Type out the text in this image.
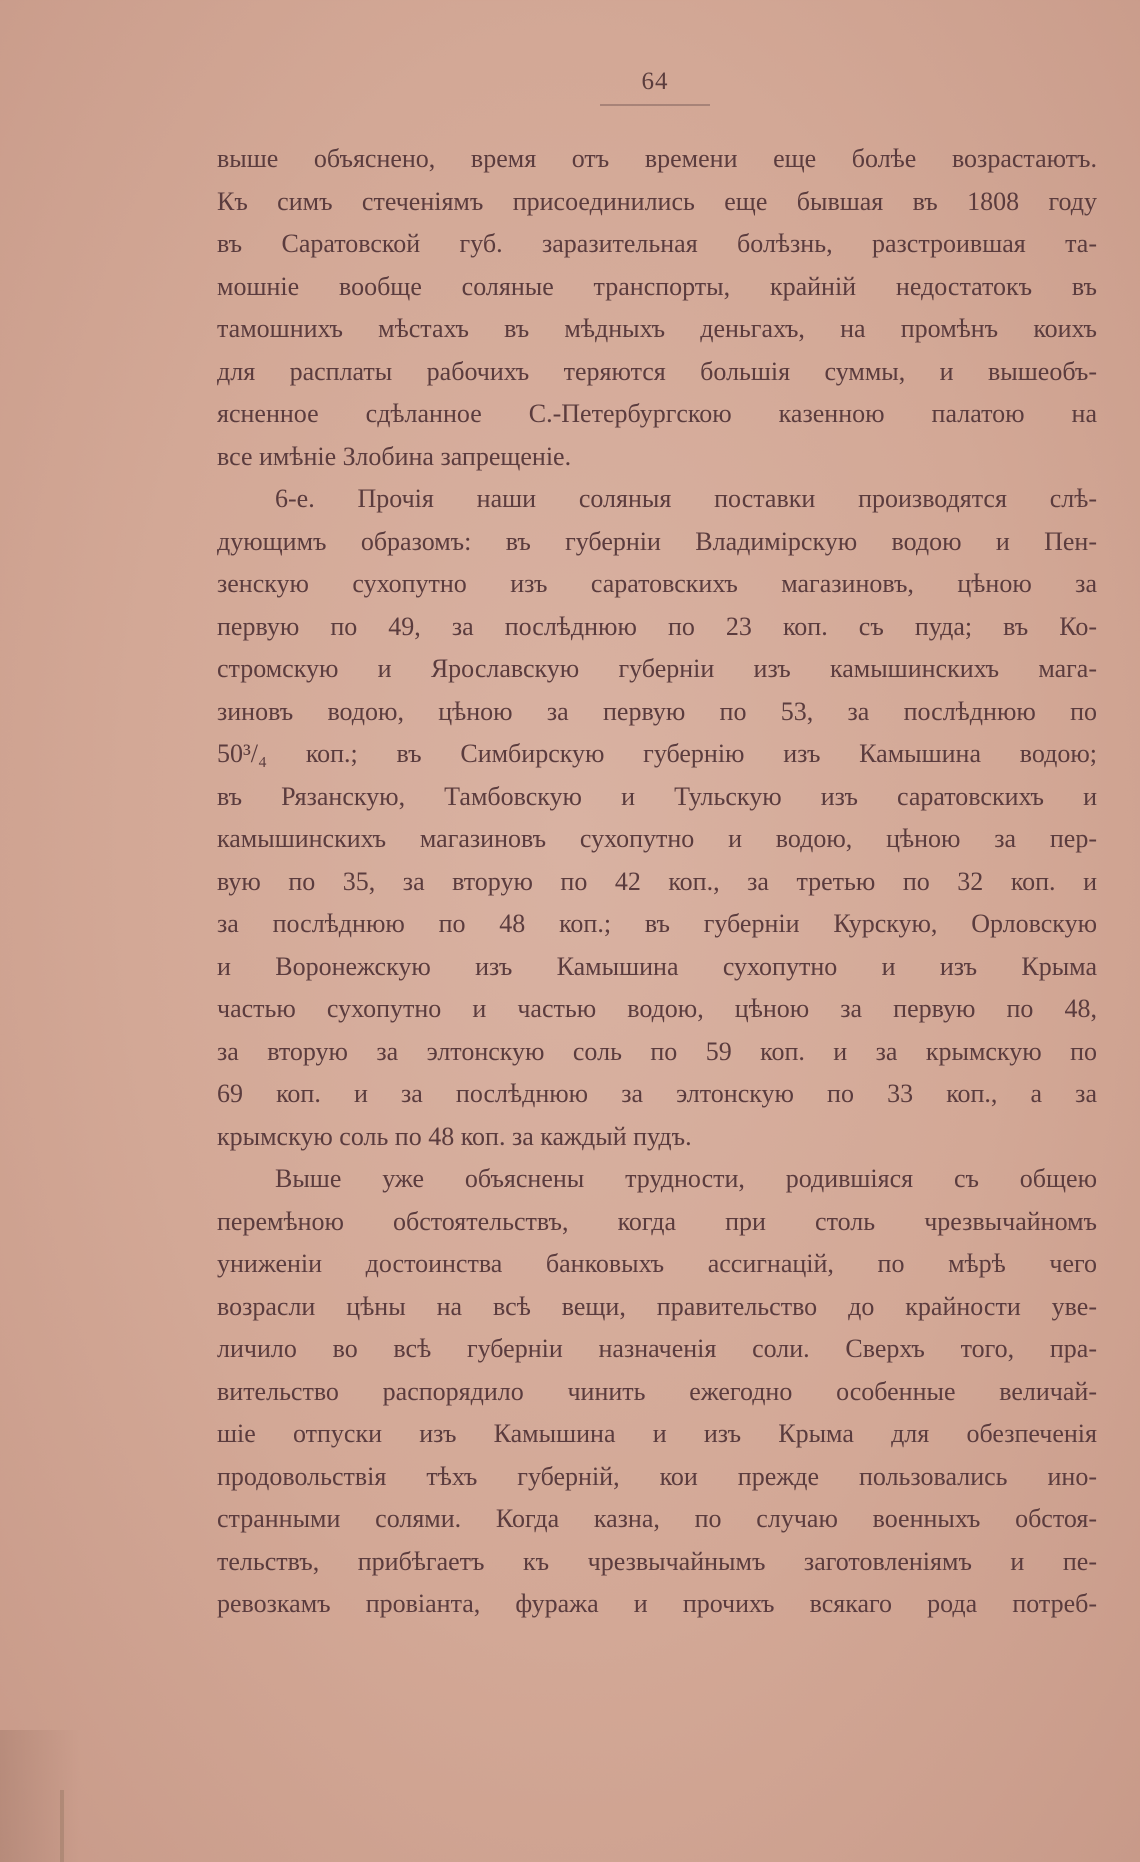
64
выше объяснено, время отъ времени еще болѣе возрастаютъ.
Къ симъ стеченiямъ присоединились еще бывшая въ 1808 году
въ Саратовской губ. заразительная болѣзнь, разстроившая та-
мошнiе вообще соляные транспорты, крайнiй недостатокъ въ
тамошнихъ мѣстахъ въ мѣдныхъ деньгахъ, на промѣнъ коихъ
для расплаты рабочихъ теряются большiя суммы, и вышеобъ-
ясненное сдѣланное С.-Петербургскою казенною палатою на
все имѣнiе Злобина запрещенiе.
6-е. Прочiя наши соляныя поставки производятся слѣ-
дующимъ образомъ: въ губернiи Владимiрскую водою и Пен-
зенскую сухопутно изъ саратовскихъ магазиновъ, цѣною за
первую по 49, за послѣднюю по 23 коп. съ пуда; въ Ко-
стромскую и Ярославскую губернiи изъ камышинскихъ мага-
зиновъ водою, цѣною за первую по 53, за послѣднюю по
50³/₄ коп.; въ Симбирскую губернiю изъ Камышина водою;
въ Рязанскую, Тамбовскую и Тульскую изъ саратовскихъ и
камышинскихъ магазиновъ сухопутно и водою, цѣною за пер-
вую по 35, за вторую по 42 коп., за третью по 32 коп. и
за послѣднюю по 48 коп.; въ губернiи Курскую, Орловскую
и Воронежскую изъ Камышина сухопутно и изъ Крыма
частью сухопутно и частью водою, цѣною за первую по 48,
за вторую за элтонскую соль по 59 коп. и за крымскую по
69 коп. и за послѣднюю за элтонскую по 33 коп., а за
крымскую соль по 48 коп. за каждый пудъ.
Выше уже объяснены трудности, родившiяся съ общею
перемѣною обстоятельствъ, когда при столь чрезвычайномъ
униженiи достоинства банковыхъ ассигнацiй, по мѣрѣ чего
возрасли цѣны на всѣ вещи, правительство до крайности уве-
личило во всѣ губернiи назначенiя соли. Сверхъ того, пра-
вительство распорядило чинить ежегодно особенные величай-
шiе отпуски изъ Камышина и изъ Крыма для обезпеченiя
продовольствiя тѣхъ губернiй, кои прежде пользовались ино-
странными солями. Когда казна, по случаю военныхъ обстоя-
тельствъ, прибѣгаетъ къ чрезвычайнымъ заготовленiямъ и пе-
ревозкамъ провiанта, фуража и прочихъ всякаго рода потреб-
